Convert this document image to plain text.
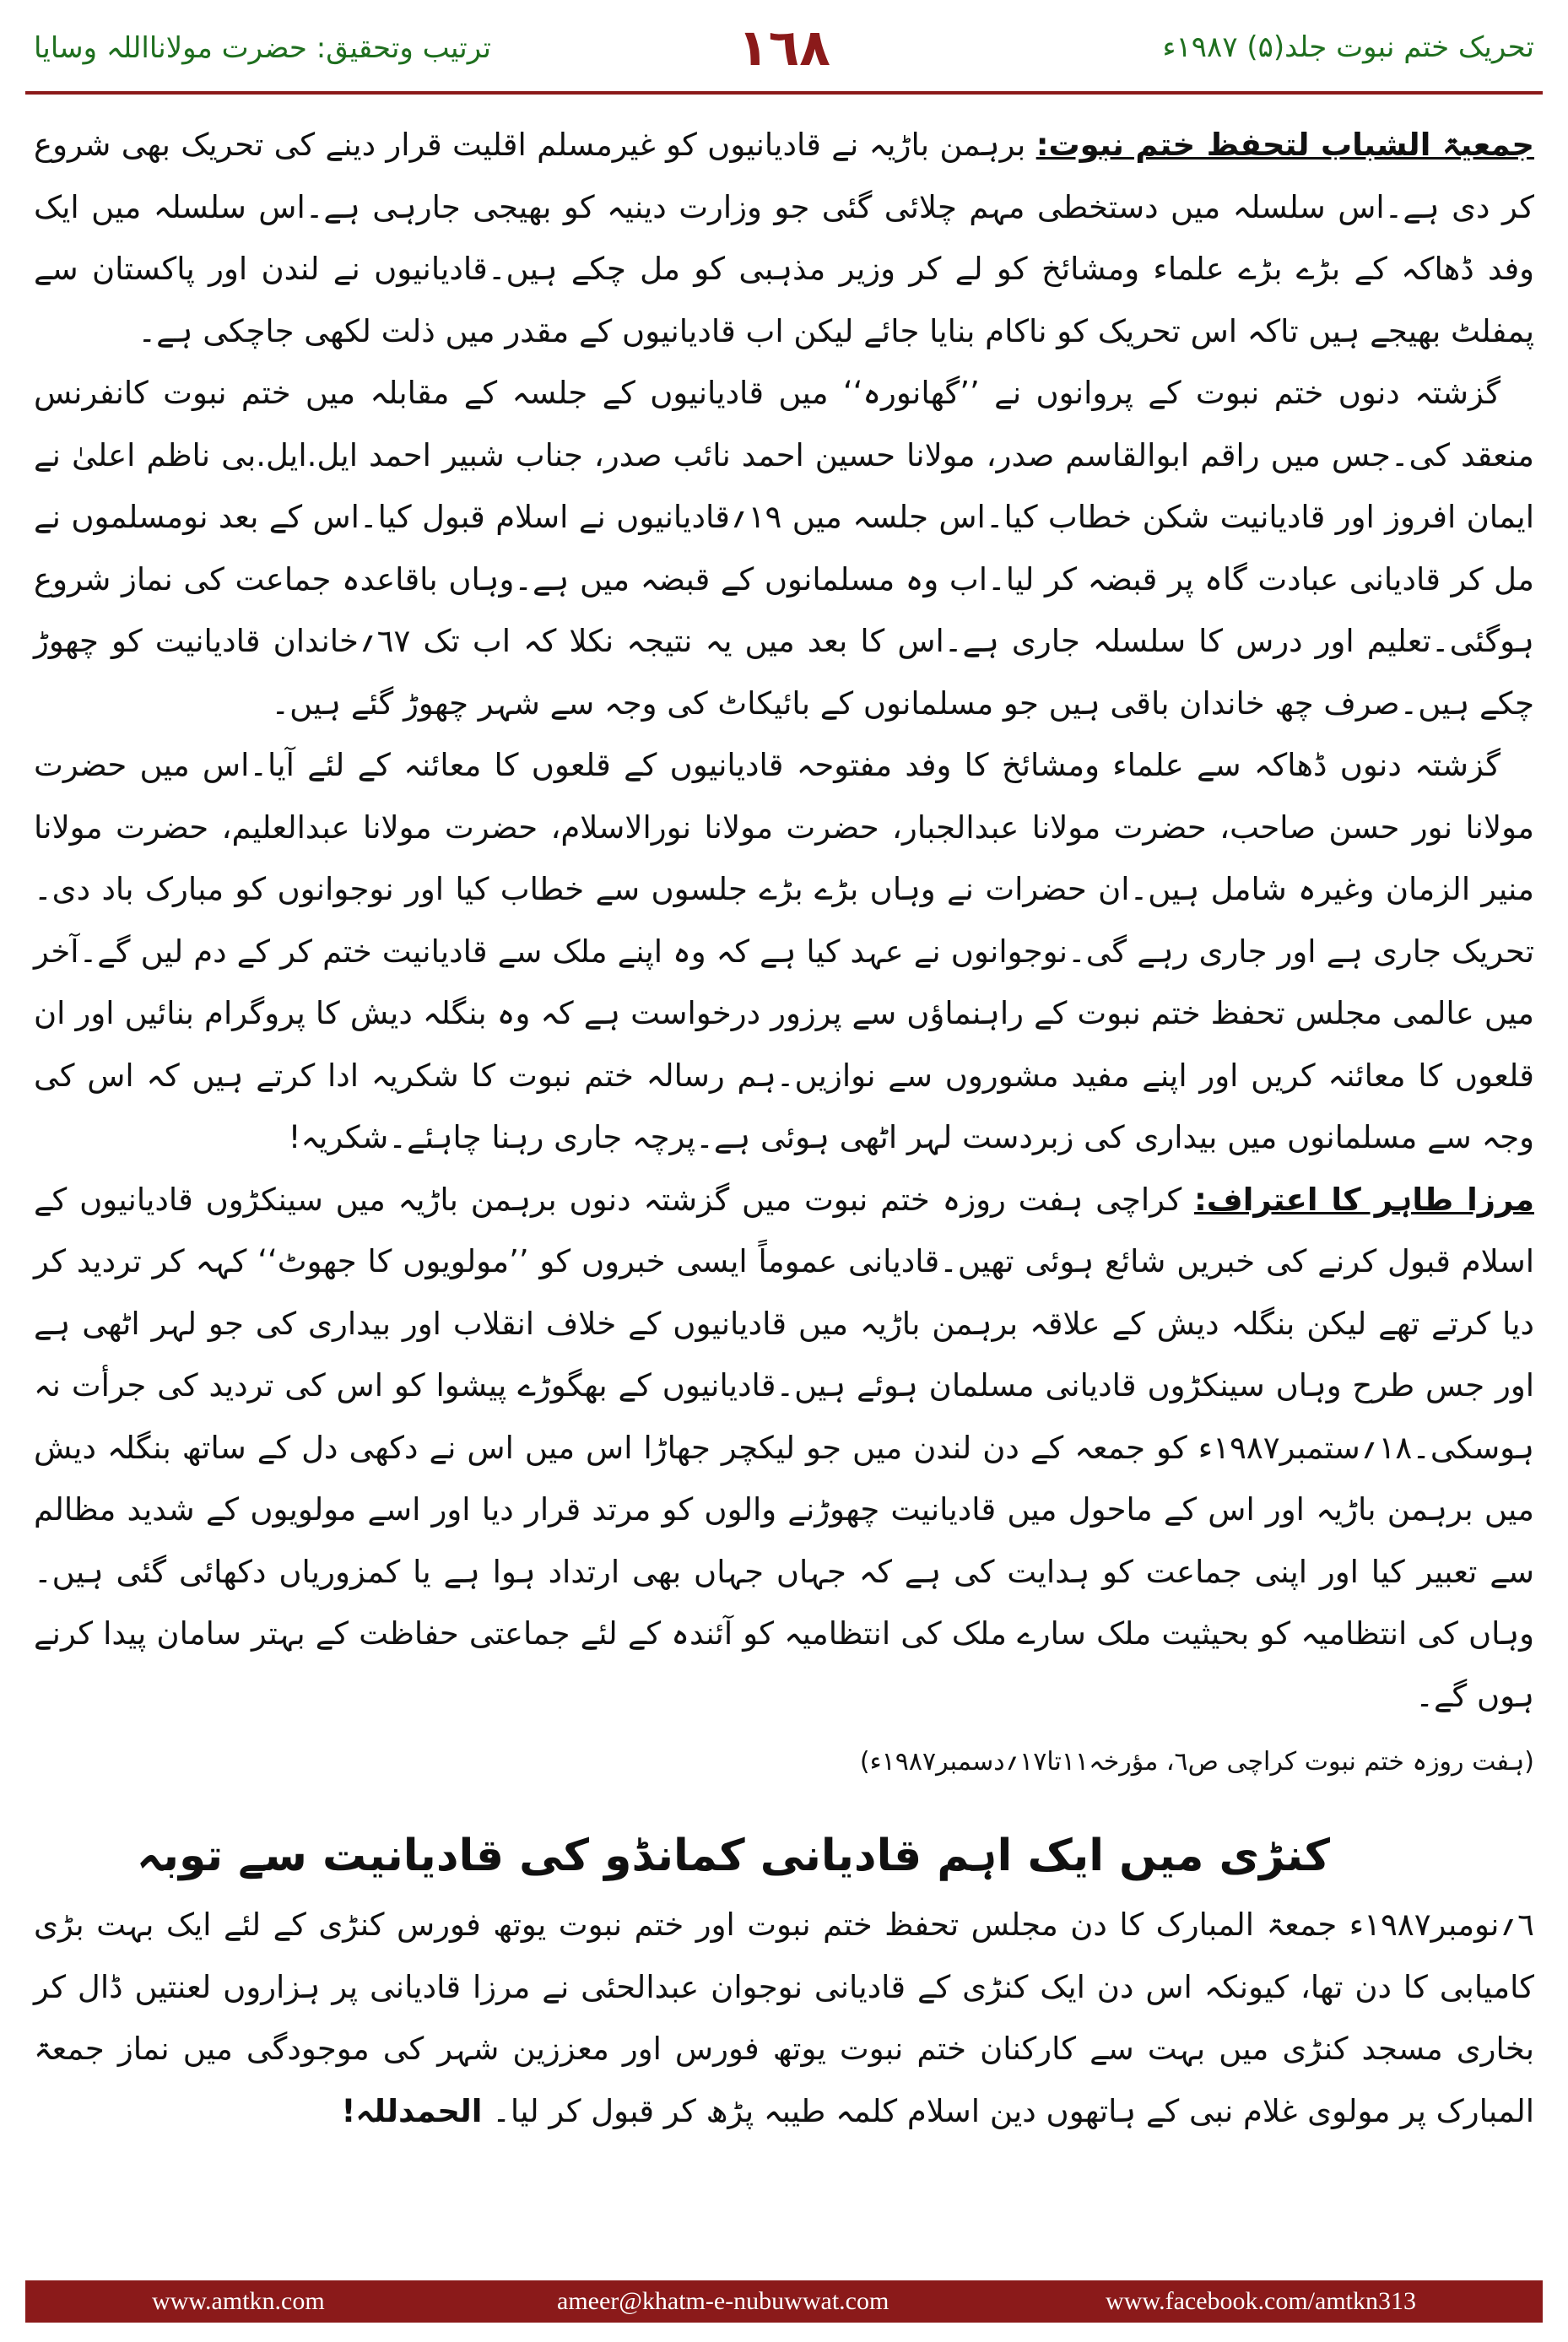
ترتیب وتحقیق: حضرت مولانااللہ وسایا	۱٦۸	تحریک ختم نبوت جلد(۵) ۱۹۸۷ء

جمعیۃ الشباب لتحفظ ختم نبوت: برہمن باڑیہ نے قادیانیوں کو غیرمسلم اقلیت قرار دینے کی تحریک بھی شروع کر دی ہے۔اس سلسلہ میں دستخطی مہم چلائی گئی جو وزارت دینیہ کو بھیجی جارہی ہے۔اس سلسلہ میں ایک وفد ڈھاکہ کے بڑے بڑے علماء ومشائخ کو لے کر وزیر مذہبی کو مل چکے ہیں۔قادیانیوں نے لندن اور پاکستان سے پمفلٹ بھیجے ہیں تاکہ اس تحریک کو ناکام بنایا جائے لیکن اب قادیانیوں کے مقدر میں ذلت لکھی جاچکی ہے۔

گزشتہ دنوں ختم نبوت کے پروانوں نے ’’گھانورہ‘‘ میں قادیانیوں کے جلسہ کے مقابلہ میں ختم نبوت کانفرنس منعقد کی۔جس میں راقم ابوالقاسم صدر، مولانا حسین احمد نائب صدر، جناب شبیر احمد ایل.ایل.بی ناظم اعلیٰ نے ایمان افروز اور قادیانیت شکن خطاب کیا۔اس جلسہ میں ۱۹؍قادیانیوں نے اسلام قبول کیا۔اس کے بعد نومسلموں نے مل کر قادیانی عبادت گاہ پر قبضہ کر لیا۔اب وہ مسلمانوں کے قبضہ میں ہے۔وہاں باقاعدہ جماعت کی نماز شروع ہوگئی۔تعلیم اور درس کا سلسلہ جاری ہے۔اس کا بعد میں یہ نتیجہ نکلا کہ اب تک ٦۷؍خاندان قادیانیت کو چھوڑ چکے ہیں۔صرف چھ خاندان باقی ہیں جو مسلمانوں کے بائیکاٹ کی وجہ سے شہر چھوڑ گئے ہیں۔

گزشتہ دنوں ڈھاکہ سے علماء ومشائخ کا وفد مفتوحہ قادیانیوں کے قلعوں کا معائنہ کے لئے آیا۔اس میں حضرت مولانا نور حسن صاحب، حضرت مولانا عبدالجبار، حضرت مولانا نورالاسلام، حضرت مولانا عبدالعلیم، حضرت مولانا منیر الزمان وغیرہ شامل ہیں۔ان حضرات نے وہاں بڑے بڑے جلسوں سے خطاب کیا اور نوجوانوں کو مبارک باد دی۔تحریک جاری ہے اور جاری رہے گی۔نوجوانوں نے عہد کیا ہے کہ وہ اپنے ملک سے قادیانیت ختم کر کے دم لیں گے۔آخر میں عالمی مجلس تحفظ ختم نبوت کے راہنماؤں سے پرزور درخواست ہے کہ وہ بنگلہ دیش کا پروگرام بنائیں اور ان قلعوں کا معائنہ کریں اور اپنے مفید مشوروں سے نوازیں۔ہم رسالہ ختم نبوت کا شکریہ ادا کرتے ہیں کہ اس کی وجہ سے مسلمانوں میں بیداری کی زبردست لہر اٹھی ہوئی ہے۔پرچہ جاری رہنا چاہئے۔شکریہ!

مرزا طاہر کا اعتراف: کراچی ہفت روزہ ختم نبوت میں گزشتہ دنوں برہمن باڑیہ میں سینکڑوں قادیانیوں کے اسلام قبول کرنے کی خبریں شائع ہوئی تھیں۔قادیانی عموماً ایسی خبروں کو ’’مولویوں کا جھوٹ‘‘ کہہ کر تردید کر دیا کرتے تھے لیکن بنگلہ دیش کے علاقہ برہمن باڑیہ میں قادیانیوں کے خلاف انقلاب اور بیداری کی جو لہر اٹھی ہے اور جس طرح وہاں سینکڑوں قادیانی مسلمان ہوئے ہیں۔قادیانیوں کے بھگوڑے پیشوا کو اس کی تردید کی جرأت نہ ہوسکی۔۱۸؍ستمبر۱۹۸۷ء کو جمعہ کے دن لندن میں جو لیکچر جھاڑا اس میں اس نے دکھی دل کے ساتھ بنگلہ دیش میں برہمن باڑیہ اور اس کے ماحول میں قادیانیت چھوڑنے والوں کو مرتد قرار دیا اور اسے مولویوں کے شدید مظالم سے تعبیر کیا اور اپنی جماعت کو ہدایت کی ہے کہ جہاں جہاں بھی ارتداد ہوا ہے یا کمزوریاں دکھائی گئی ہیں۔وہاں کی انتظامیہ کو بحیثیت ملک سارے ملک کی انتظامیہ کو آئندہ کے لئے جماعتی حفاظت کے بہتر سامان پیدا کرنے ہوں گے۔

(ہفت روزہ ختم نبوت کراچی ص٦، مؤرخہ۱۱تا۱۷؍دسمبر۱۹۸۷ء)
کنڑی میں ایک اہم قادیانی کمانڈو کی قادیانیت سے توبہ

٦؍نومبر۱۹۸۷ء جمعۃ المبارک کا دن مجلس تحفظ ختم نبوت اور ختم نبوت یوتھ فورس کنڑی کے لئے ایک بہت بڑی کامیابی کا دن تھا، کیونکہ اس دن ایک کنڑی کے قادیانی نوجوان عبدالحئی نے مرزا قادیانی پر ہزاروں لعنتیں ڈال کر بخاری مسجد کنڑی میں بہت سے کارکنان ختم نبوت یوتھ فورس اور معززین شہر کی موجودگی میں نماز جمعۃ المبارک پر مولوی غلام نبی کے ہاتھوں دین اسلام کلمہ طیبہ پڑھ کر قبول کر لیا۔ الحمدللہ!

www.amtkn.com	ameer@khatm-e-nubuwwat.com	www.facebook.com/amtkn313
